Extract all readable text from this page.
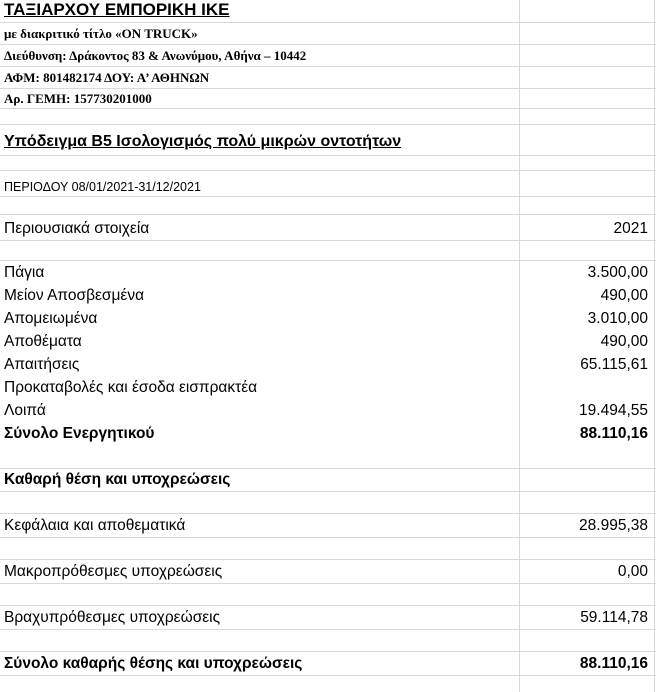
ΤΑΞΙΑΡΧΟΥ ΕΜΠΟΡΙΚΗ ΙΚΕ
με διακριτικό τίτλο «ON TRUCK»
Διεύθυνση: Δράκοντος 83 & Ανωνύμου, Αθήνα – 10442
ΑΦΜ: 801482174 ΔΟΥ: Α’ ΑΘΗΝΩΝ
Αρ. ΓΕΜΗ: 157730201000
Υπόδειγμα Β5 Ισολογισμός πολύ μικρών οντοτήτων
ΠΕΡΙΟΔΟΥ 08/01/2021-31/12/2021
Περιουσιακά στοιχεία	2021
Πάγια	3.500,00
Μείον Αποσβεσμένα	490,00
Απομειωμένα	3.010,00
Αποθέματα	490,00
Απαιτήσεις	65.115,61
Προκαταβολές και έσοδα εισπρακτέα
Λοιπά	19.494,55
Σύνολο Ενεργητικού	88.110,16
Καθαρή θέση και υποχρεώσεις
Κεφάλαια και αποθεματικά	28.995,38
Μακροπρόθεσμες υποχρεώσεις	0,00
Βραχυπρόθεσμες υποχρεώσεις	59.114,78
Σύνολο καθαρής θέσης και υποχρεώσεις	88.110,16
